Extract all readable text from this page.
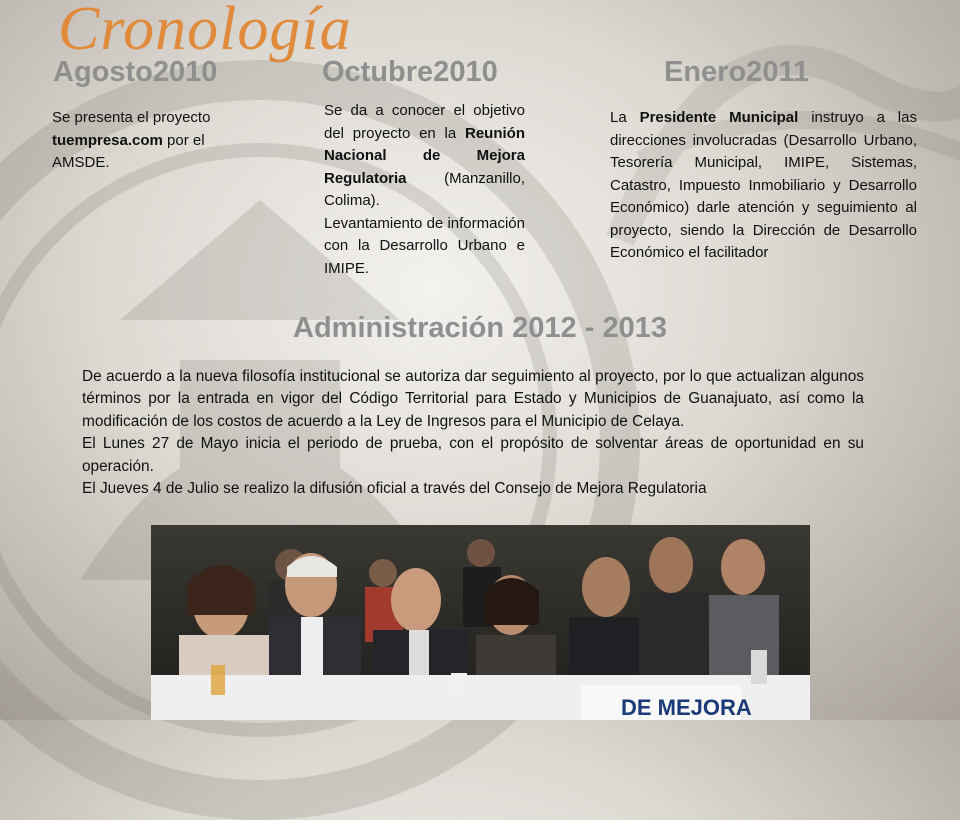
Cronología
Agosto2010

Se presenta el proyecto tuempresa.com por el AMSDE.

Octubre2010

Se da a conocer el objetivo del proyecto en la Reunión Nacional de Mejora Regulatoria (Manzanillo, Colima).

Levantamiento de información con la Desarrollo Urbano e IMIPE.

Enero2011

La Presidente Municipal instruyo a las direcciones involucradas (Desarrollo Urbano, Tesorería Municipal, IMIPE, Sistemas, Catastro, Impuesto Inmobiliario y Desarrollo Económico) darle atención y seguimiento al proyecto, siendo la Dirección de Desarrollo Económico el facilitador

Administración 2012 - 2013

De acuerdo a la nueva filosofía institucional se autoriza dar seguimiento al proyecto, por lo que actualizan algunos términos por la entrada en vigor del Código Territorial para Estado y Municipios de Guanajuato, así como la modificación de los costos de acuerdo a la Ley de Ingresos para el Municipio de Celaya.

El Lunes 27 de Mayo inicia el periodo de prueba, con el propósito de solventar áreas de oportunidad en su operación.

El Jueves 4 de Julio se realizo la difusión oficial a través del Consejo de Mejora Regulatoria

DE MEJORA
